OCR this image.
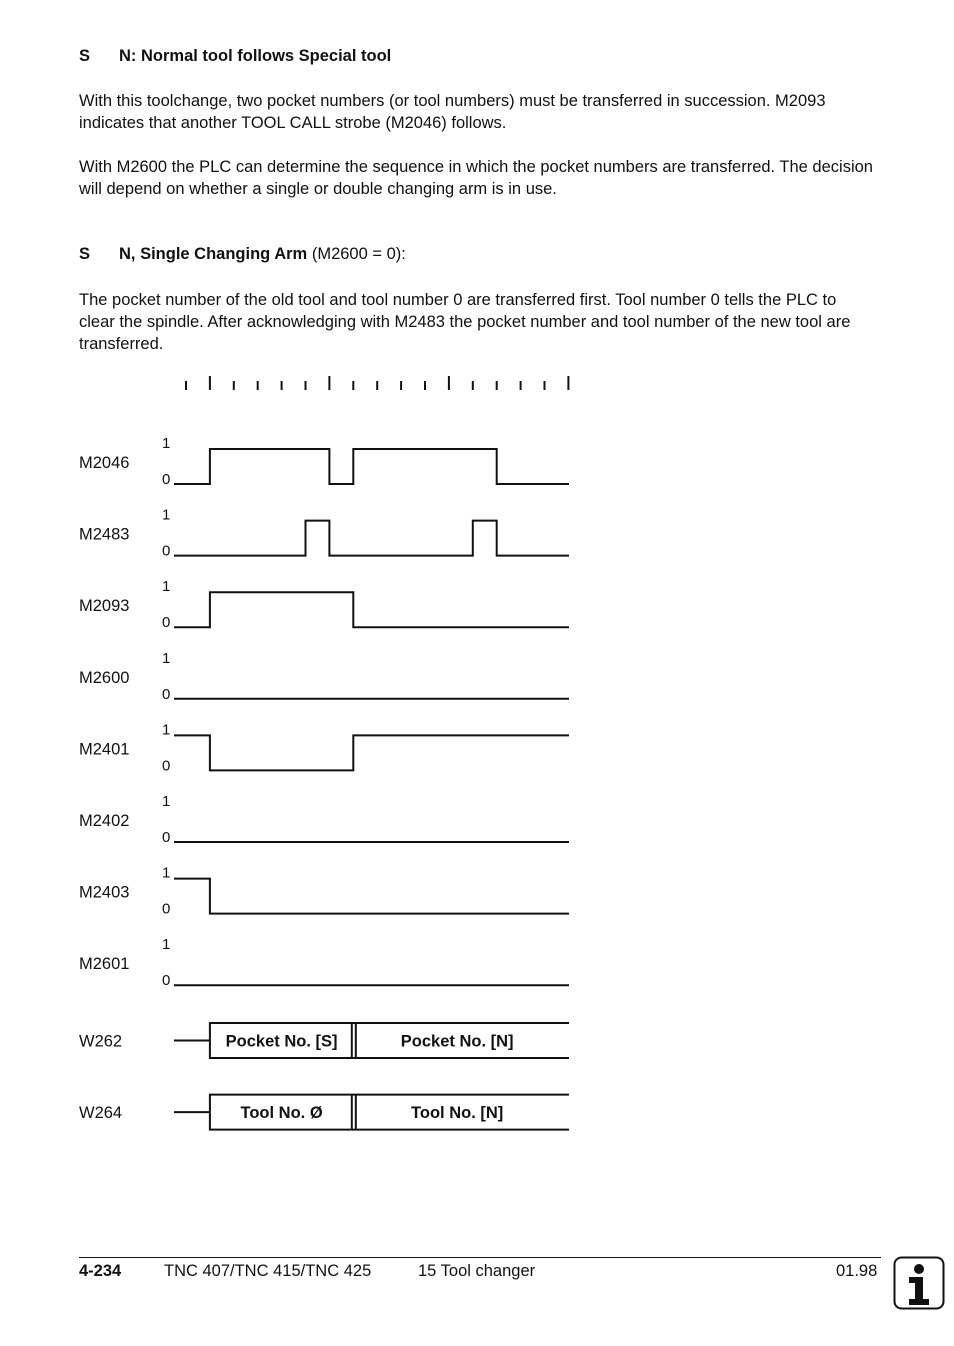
S N: Normal tool follows Special tool

With this toolchange, two pocket numbers (or tool numbers) must be transferred in succession. M2093 indicates that another TOOL CALL strobe (M2046) follows.

With M2600 the PLC can determine the sequence in which the pocket numbers are transferred. The decision will depend on whether a single or double changing arm is in use.

S N, Single Changing Arm (M2600 = 0):

The pocket number of the old tool and tool number 0 are transferred first. Tool number 0 tells the PLC to clear the spindle. After acknowledging with M2483 the pocket number and tool number of the new tool are transferred.

M2046
1
0
M2483
1
0
M2093
1
0
M2600
1
0
M2401
1
0
M2402
1
0
M2403
1
0
M2601
1
0
W262	Pocket No. [S]	Pocket No. [N]
W264	Tool No. Ø	Tool No. [N]
4-234	TNC 407/TNC 415/TNC 425	15 Tool changer	01.98
